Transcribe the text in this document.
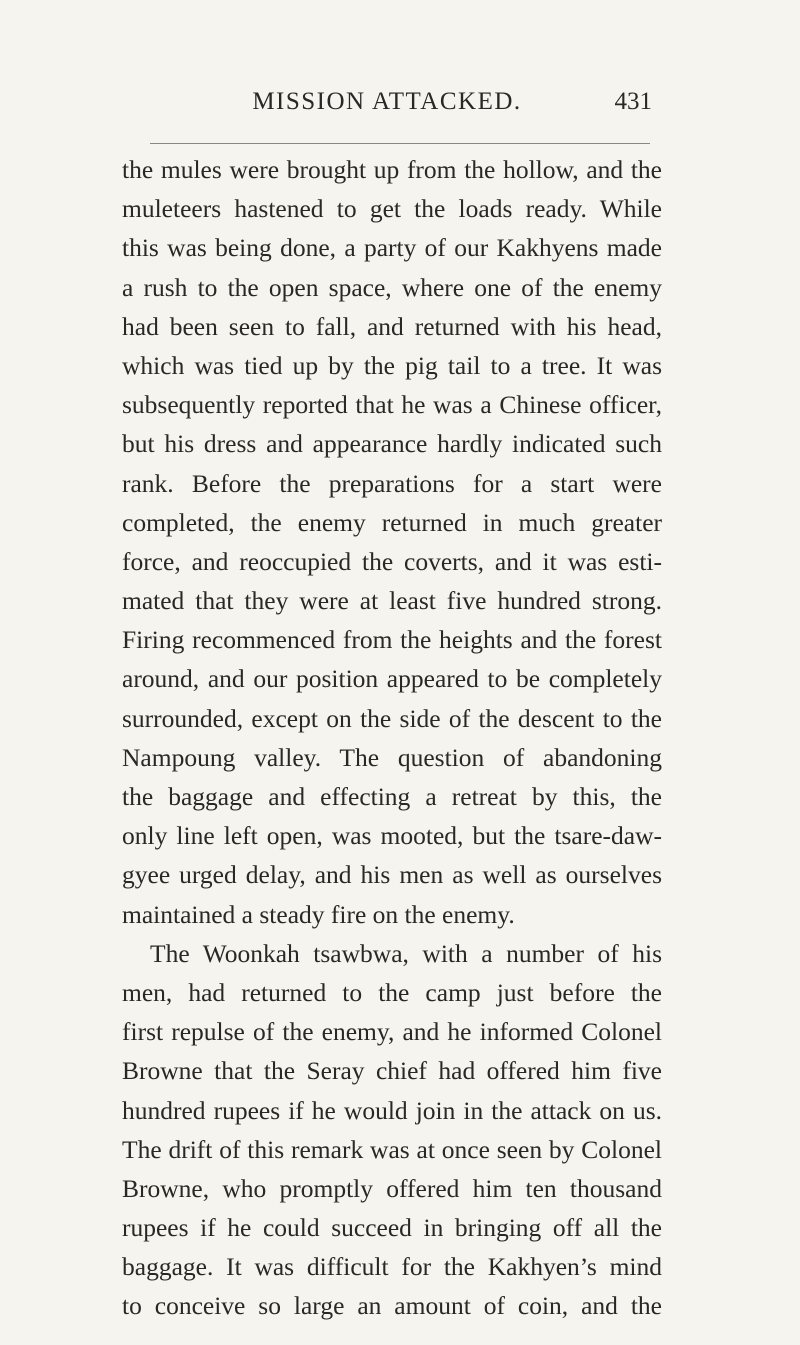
MISSION ATTACKED.	431
the mules were brought up from the hollow, and the
muleteers hastened to get the loads ready. While
this was being done, a party of our Kakhyens made
a rush to the open space, where one of the enemy
had been seen to fall, and returned with his head,
which was tied up by the pig tail to a tree. It was
subsequently reported that he was a Chinese officer,
but his dress and appearance hardly indicated such
rank. Before the preparations for a start were
completed, the enemy returned in much greater
force, and reoccupied the coverts, and it was esti-
mated that they were at least five hundred strong.
Firing recommenced from the heights and the forest
around, and our position appeared to be completely
surrounded, except on the side of the descent to the
Nampoung valley. The question of abandoning
the baggage and effecting a retreat by this, the
only line left open, was mooted, but the tsare-daw-
gyee urged delay, and his men as well as ourselves
maintained a steady fire on the enemy.
The Woonkah tsawbwa, with a number of his
men, had returned to the camp just before the
first repulse of the enemy, and he informed Colonel
Browne that the Seray chief had offered him five
hundred rupees if he would join in the attack on us.
The drift of this remark was at once seen by Colonel
Browne, who promptly offered him ten thousand
rupees if he could succeed in bringing off all the
baggage. It was difficult for the Kakhyen’s mind
to conceive so large an amount of coin, and the
